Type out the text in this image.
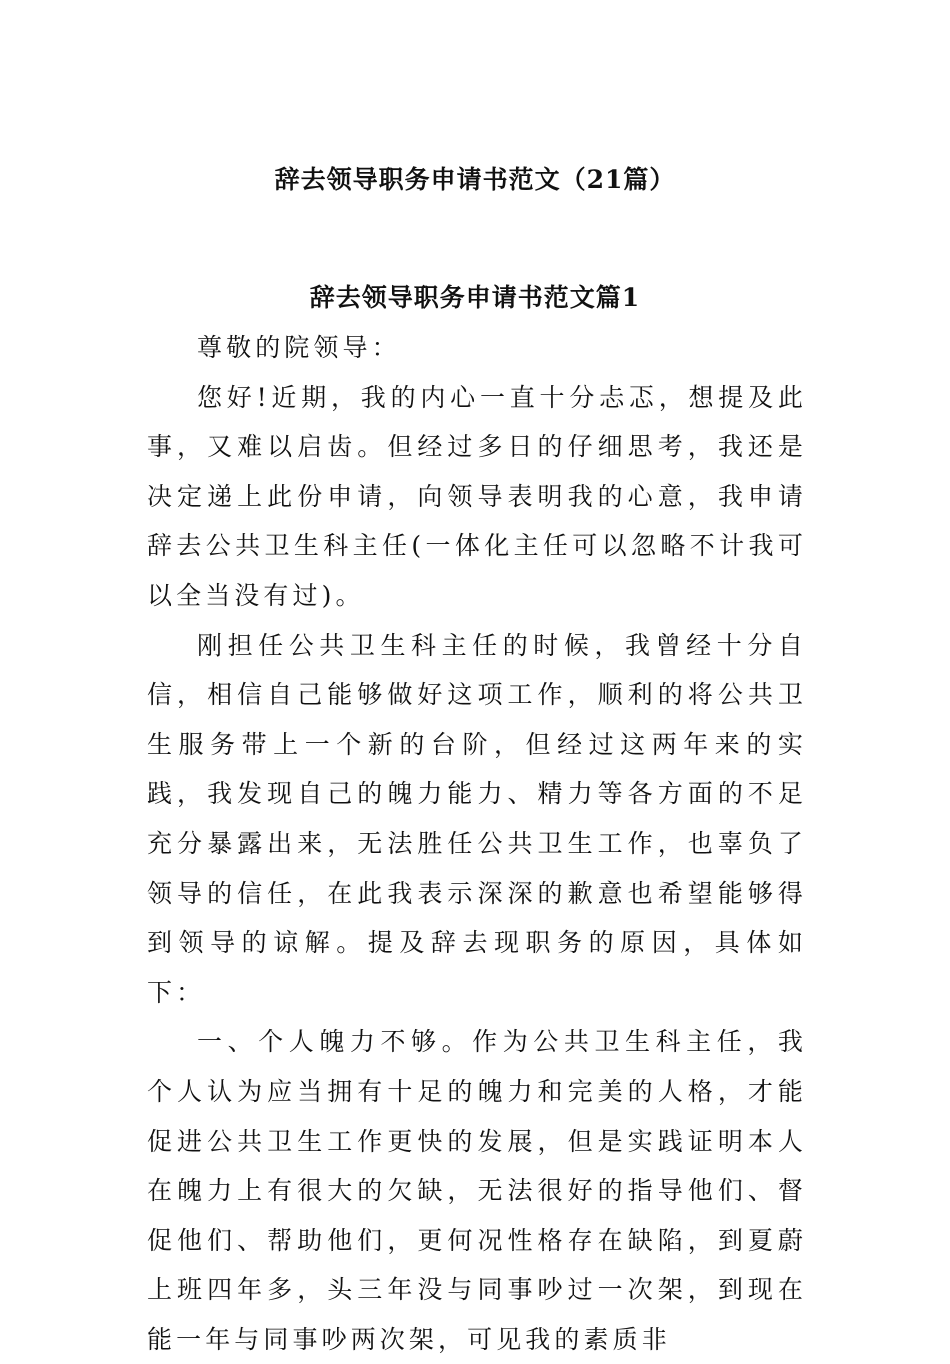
辞去领导职务申请书范文（21篇）
辞去领导职务申请书范文篇1

尊敬的院领导：

您好!近期，我的内心一直十分忐忑，想提及此事，又难以启齿。但经过多日的仔细思考，我还是决定递上此份申请，向领导表明我的心意，我申请辞去公共卫生科主任(一体化主任可以忽略不计我可以全当没有过)。

刚担任公共卫生科主任的时候，我曾经十分自信，相信自己能够做好这项工作，顺利的将公共卫生服务带上一个新的台阶，但经过这两年来的实践，我发现自己的魄力能力、精力等各方面的不足充分暴露出来，无法胜任公共卫生工作，也辜负了领导的信任，在此我表示深深的歉意也希望能够得到领导的谅解。提及辞去现职务的原因，具体如下：

一、个人魄力不够。作为公共卫生科主任，我个人认为应当拥有十足的魄力和完美的人格，才能促进公共卫生工作更快的发展，但是实践证明本人在魄力上有很大的欠缺，无法很好的指导他们、督促他们、帮助他们，更何况性格存在缺陷，到夏蔚上班四年多，头三年没与同事吵过一次架，到现在能一年与同事吵两次架，可见我的素质非
